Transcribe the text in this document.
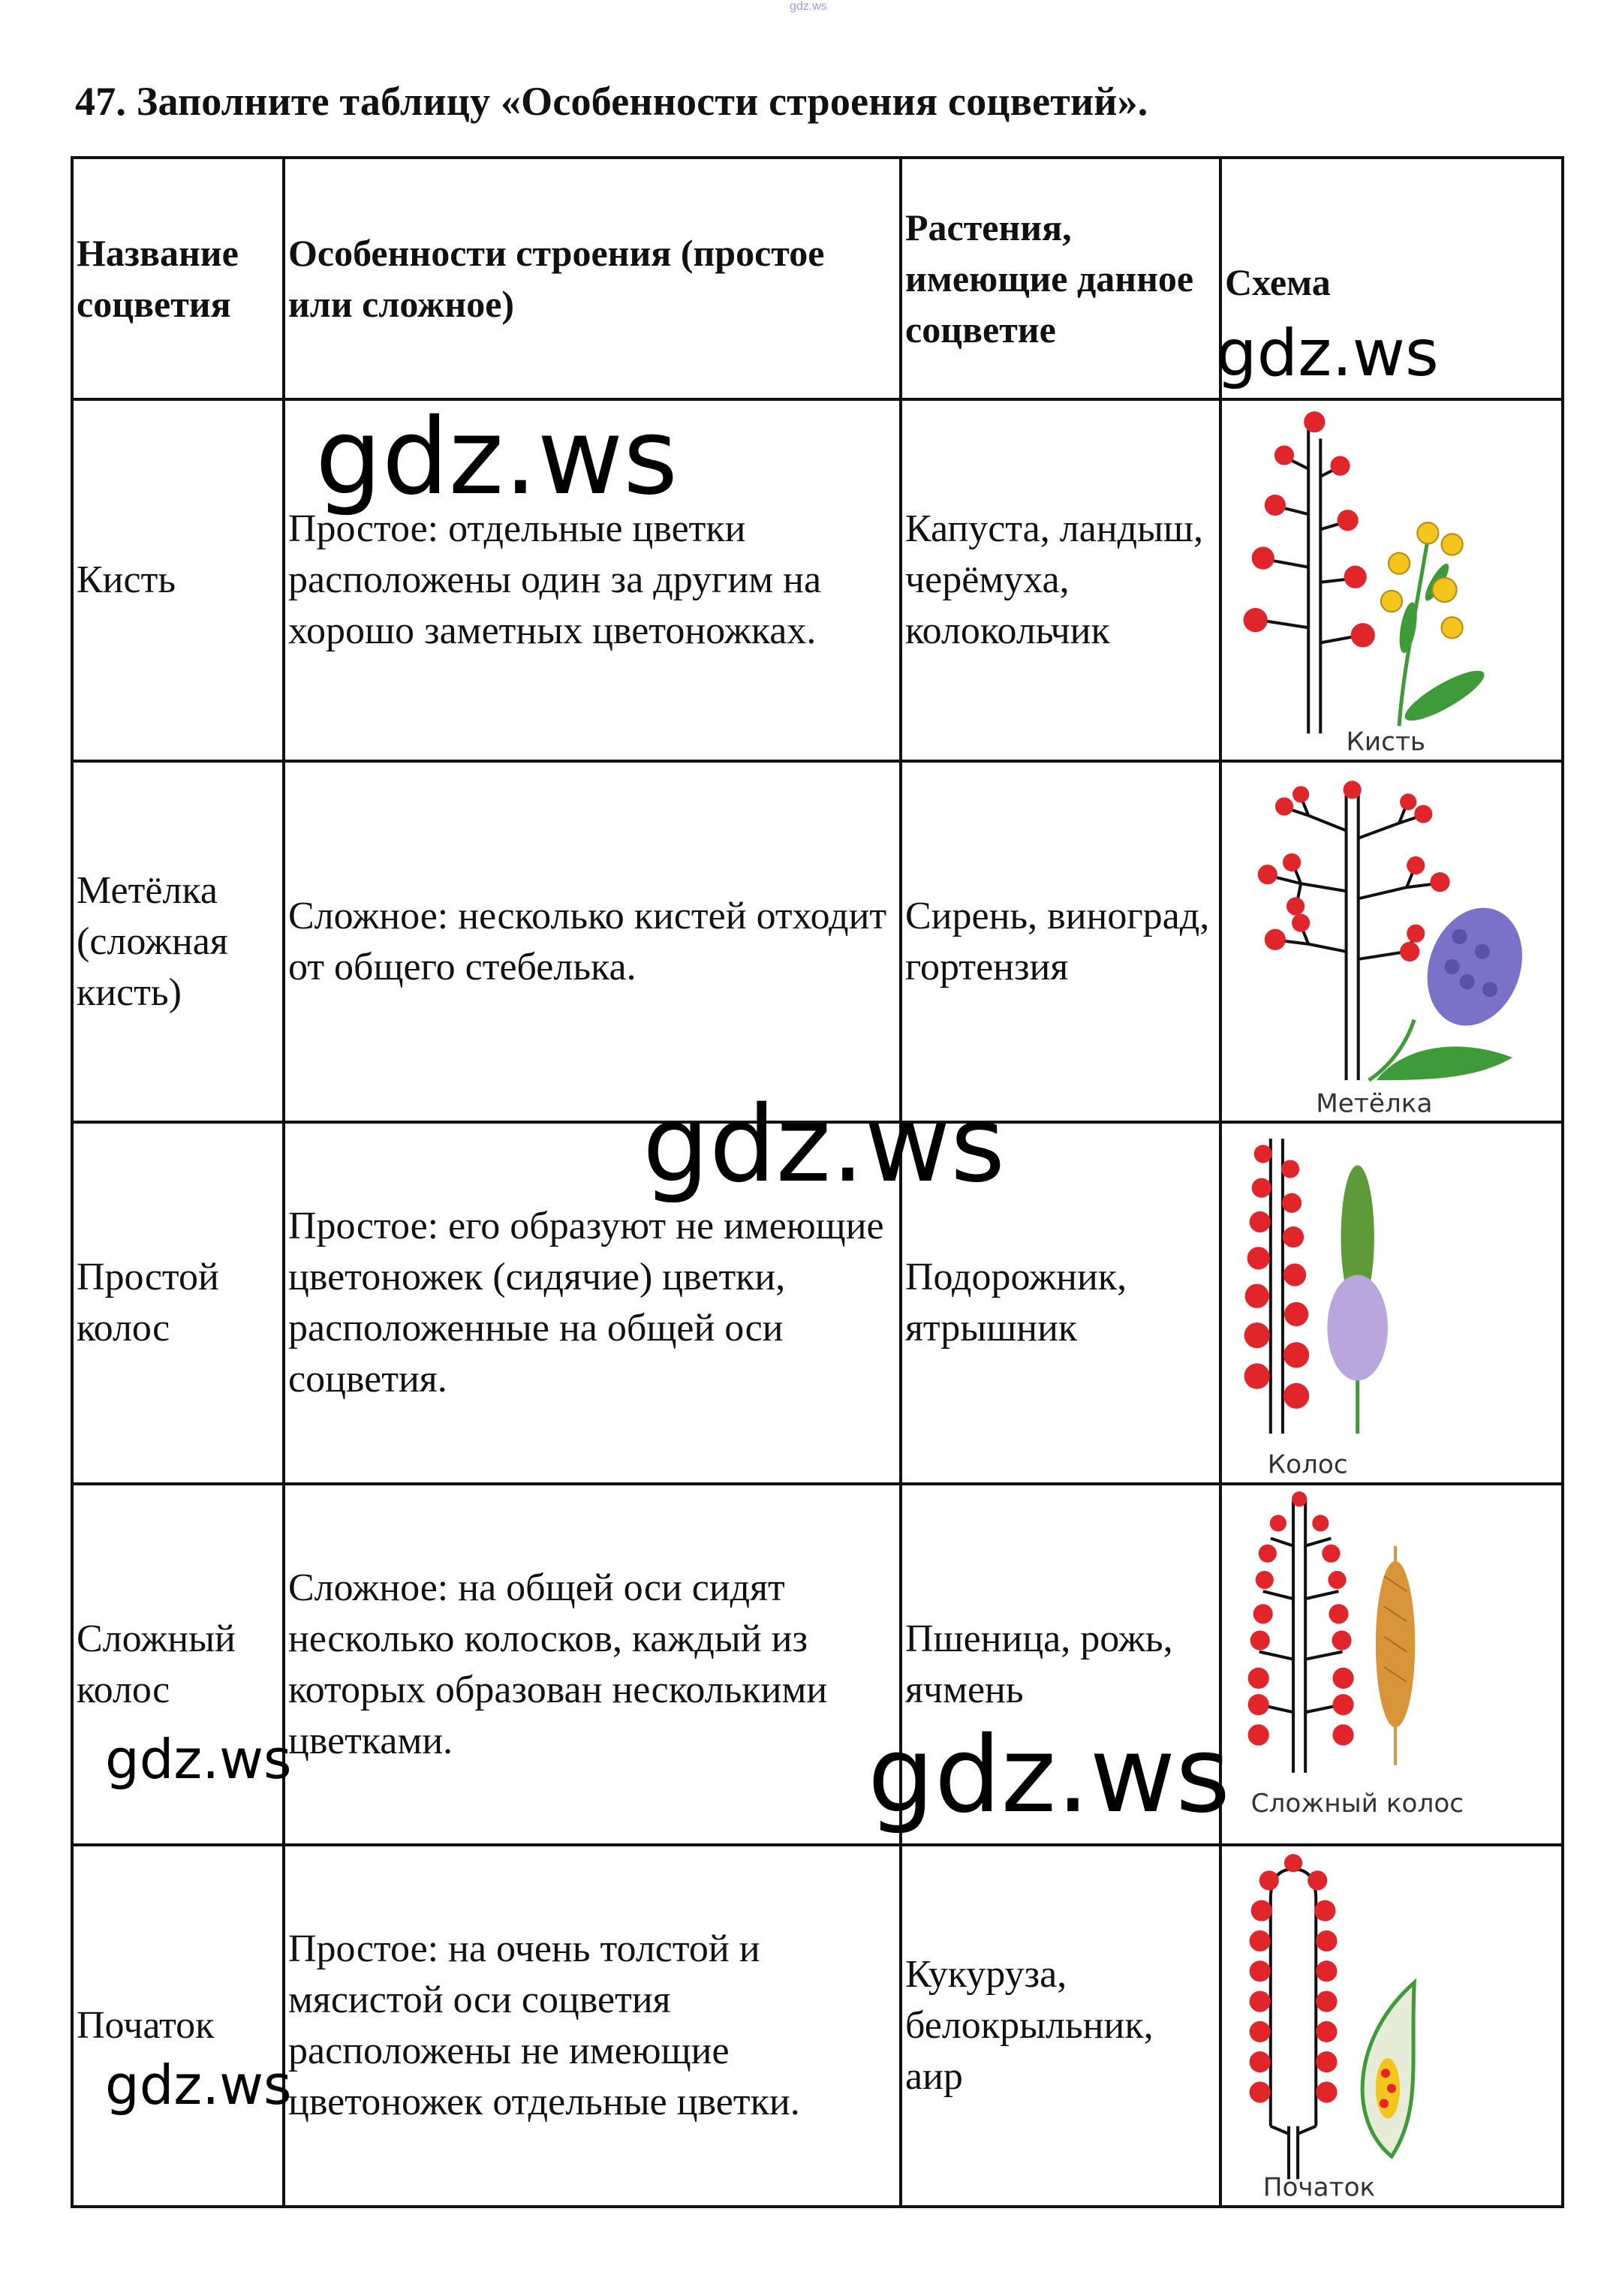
gdz.ws
47. Заполните таблицу «Особенности строения соцветий».
Название соцветия	Особенности строения (простое или сложное)	Растения, имеющие данное соцветие	Схема

Кисть	Простое: отдельные цветки расположены один за другим на хорошо заметных цветоножках.	Капуста, ландыш, черёмуха, колокольчик	Кисть

Метёлка (сложная кисть)	Сложное: несколько кистей отходит от общего стебелька.	Сирень, виноград, гортензия	Метёлка

Простой колос	Простое: его образуют не имеющие цветоножек (сидячие) цветки, расположенные на общей оси соцветия.	Подорожник, ятрышник	Колос

Сложный колос	Сложное: на общей оси сидят несколько колосков, каждый из которых образован несколькими цветками.	Пшеница, рожь, ячмень	Сложный колос

Початок	Простое: на очень толстой и мясистой оси соцветия расположены не имеющие цветоножек отдельные цветки.	Кукуруза, белокрыльник, аир	Початок
gdz.ws
gdz.ws
gdz.ws
gdz.ws	gdz.ws
gdz.ws
